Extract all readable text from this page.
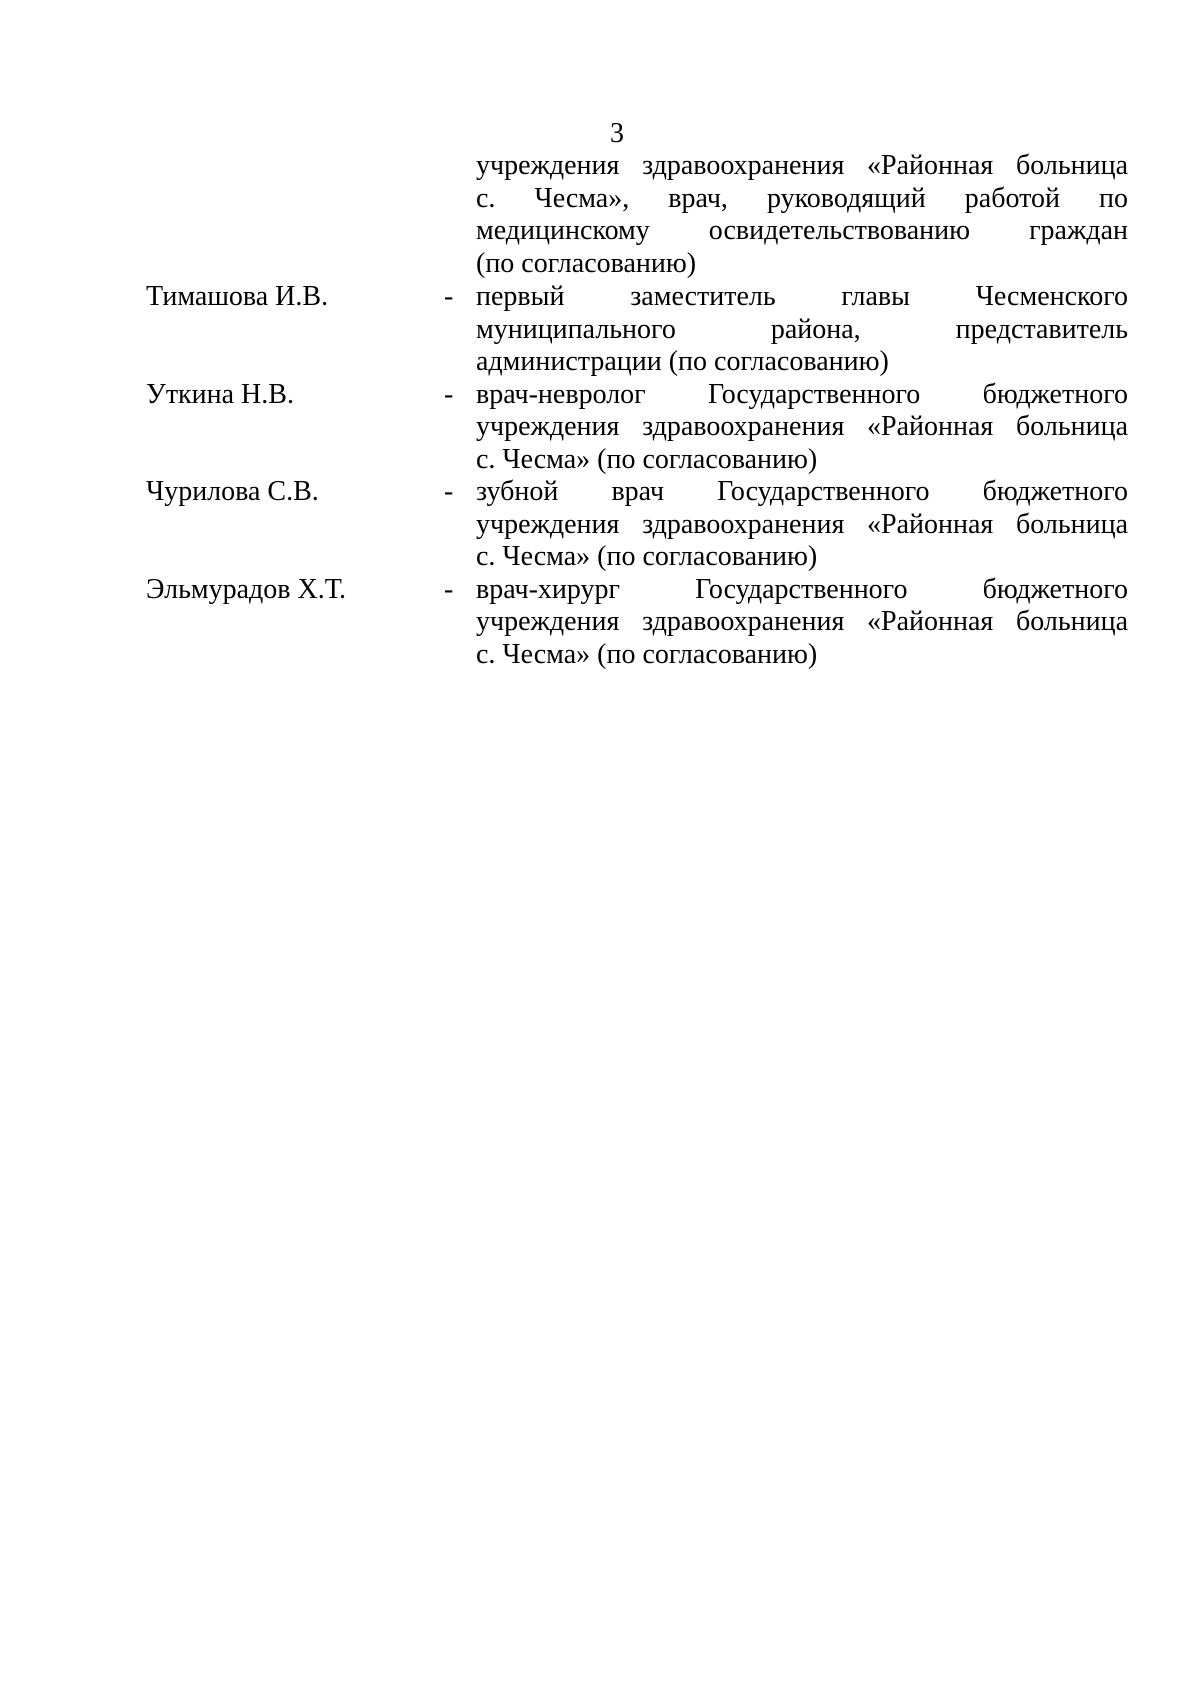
3
учреждения здравоохранения «Районная больница
с. Чесма», врач, руководящий работой по
медицинскому освидетельствованию граждан
(по согласованию)
Тимашова И.В.	- первый заместитель главы Чесменского
муниципального района, представитель
администрации (по согласованию)
Уткина Н.В.	- врач-невролог Государственного бюджетного
учреждения здравоохранения «Районная больница
с. Чесма» (по согласованию)
Чурилова С.В.	- зубной врач Государственного бюджетного
учреждения здравоохранения «Районная больница
с. Чесма» (по согласованию)
Эльмурадов Х.Т.	- врач-хирург Государственного бюджетного
учреждения здравоохранения «Районная больница
с. Чесма» (по согласованию)
